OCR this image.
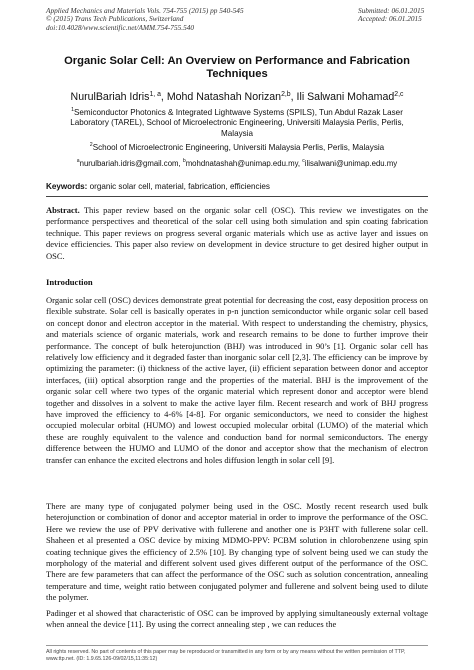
Applied Mechanics and Materials Vols. 754-755 (2015) pp 540-545
© (2015) Trans Tech Publications, Switzerland
doi:10.4028/www.scientific.net/AMM.754-755.540
Submitted: 06.01.2015
Accepted: 06.01.2015
Organic Solar Cell: An Overview on Performance and Fabrication
Techniques
NurulBariah Idris$^{1, a}$, Mohd Natashah Norizan$^{2,b}$, Ili Salwani Mohamad$^{2,c}$
$^1$Semiconductor Photonics & Integrated Lightwave Systems (SPILS), Tun Abdul Razak Laser Laboratory (TAREL), School of Microelectronic Engineering, Universiti Malaysia Perlis, Perlis, Malaysia
$^2$School of Microelectronic Engineering, Universiti Malaysia Perlis, Perlis, Malaysia
$^a$nurulbariah.idris@gmail.com, $^b$mohdnatashah@unimap.edu.my, $^c$ilisalwani@unimap.edu.my
Keywords: organic solar cell, material, fabrication, efficiencies
Abstract. This paper review based on the organic solar cell (OSC). This review we investigates on the performance perspectives and theoretical of the solar cell using both simulation and spin coating fabrication technique. This paper reviews on progress several organic materials which use as active layer and issues on device efficiencies. This paper also review on development in device structure to get desired higher output in OSC.
Introduction
Organic solar cell (OSC) devices demonstrate great potential for decreasing the cost, easy deposition process on flexible substrate. Solar cell is basically operates in p-n junction semiconductor while organic solar cell based on concept donor and electron acceptor in the material. With respect to understanding the chemistry, physics, and materials science of organic materials, work and research remains to be done to further improve their performance. The concept of bulk heterojunction (BHJ) was introduced in 90’s [1]. Organic solar cell has relatively low efficiency and it degraded faster than inorganic solar cell [2,3]. The efficiency can be improve by optimizing the parameter: (i) thickness of the active layer, (ii) efficient separation between donor and acceptor interfaces, (iii) optical absorption range and the properties of the material. BHJ is the improvement of the organic solar cell where two types of the organic material which represent donor and acceptor were blend together and dissolves in a solvent to make the active layer film. Recent research and work of BHJ progress have improved the efficiency to 4-6% [4-8]. For organic semiconductors, we need to consider the highest occupied molecular orbital (HUMO) and lowest occupied molecular orbital (LUMO) of the material which these are roughly equivalent to the valence and conduction band for normal semiconductors. The energy difference between the HUMO and LUMO of the donor and acceptor show that the mechanism of electron transfer can enhance the excited electrons and holes diffusion length in solar cell [9].
There are many type of conjugated polymer being used in the OSC. Mostly recent research used bulk heterojunction or combination of donor and acceptor material in order to improve the performance of the OSC. Here we review the use of PPV derivative with fullerene and another one is P3HT with fullerene solar cell. Shaheen et al presented a OSC device by mixing MDMO-PPV: PCBM solution in chlorobenzene using spin coating technique gives the efficiency of 2.5% [10]. By changing type of solvent being used we can study the morphology of the material and different solvent used gives different output of the performance of the OSC. There are few parameters that can affect the performance of the OSC such as solution concentration, annealing temperature and time, weight ratio between conjugated polymer and fullerene and solvent being used to dilute the polymer.
Padinger et al showed that characteristic of OSC can be improved by applying simultaneously external voltage when anneal the device [11]. By using the correct annealing step , we can reduces the
All rights reserved. No part of contents of this paper may be reproduced or transmitted in any form or by any means without the written permission of TTP,
www.ttp.net. (ID: 1.9.65.126-09/02/15,11:35:12)
